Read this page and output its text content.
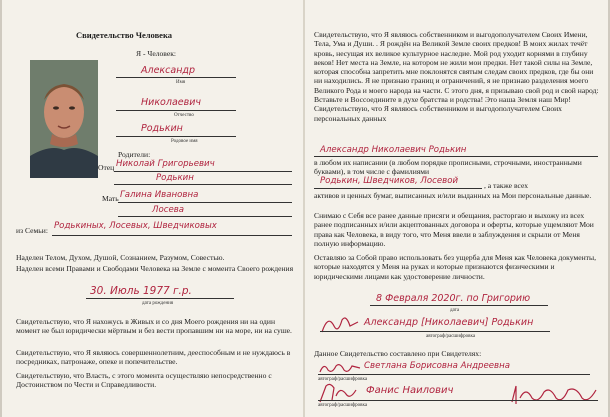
Свидетельство Человека
Я - Человек:
Александр
Имя
Николаевич
Отчество
Родькин
Родовое имя
Родители:
Отец Николай Григорьевич
Родькин
Мать Галина Ивановна
Лосева
из Семьи: Родькиных, Лосевых, Шведчиковых
Наделен Телом, Духом, Душой, Сознанием, Разумом, Совестью.
Наделен всеми Правами и Свободами Человека на Земле с момента Своего рождения
30. Июль 1977 г.р.
дата рождения
Свидетельствую, что Я нахожусь в Живых и со дня Моего рождения ни на один момент не был юридически мёртвым и без вести пропавшим ни на море, ни на суше.
Свидетельствую, что Я являюсь совершеннолетним, дееспособным и не нуждаюсь в посредниках, патронаже, опеке и попечительстве.
Свидетельствую, что Власть, с этого момента осуществляю непосредственно с Достоинством по Чести и Справедливости.
Свидетельствую, что Я являюсь собственником и выгодополучателем Своих Имени, Тела, Ума и Души. . Я рождён на Великой Земле своих предков! В моих жилах течёт кровь, несущая их великое культурное наследие. Мой род уходит корнями в глубину веков! Нет места на Земле, на котором не жили мои предки. Нет такой силы на Земле, которая способна запретить мне поклонятся святым следам своих предков, где бы они ни находились. Я не признаю границ и ограничений, я не признаю разделения моего Великого Рода и моего народа на части. С этого дня, я призываю свой род и свой народ: Вставьте и Воссоедините в духе братства и родства! Это наша Земля наш Мир! Свидетельствую, что Я являюсь собственником и выгодополучателем Своих персональных данных
Александр Николаевич Родькин
в любом их написании (в любом порядке прописными, строчными, иностранными буквами), в том числе с фамилиями
Родькин, Шведчиков, Лосевой	, а также всех
активов и ценных бумаг, выписанных и/или выданных на Мои персональные данные.
Снимаю с Себя все ранее данные присяги и обещания, расторгаю и выхожу из всех ранее подписанных и/или акцептованных договора и оферты, которые ущемляют Мои права как Человека, в виду того, что Меня ввели в заблуждения и скрыли от Меня полную информацию.
Оставляю за Собой право использовать без ущерба для Меня как Человека документы, которые находятся у Меня на руках и которые признаются физическими и юридическими лицами как удостоверение личности.
8 Февраля 2020г. по Григорию
дата
Александр [Николаевич] Родькин
автограф/расшифровка
Данное Свидетельство составлено при Свидетелях:
Светлана Борисовна Андреевна
автограф/расшифровка
Фанис Наилович
автограф/расшифровка
